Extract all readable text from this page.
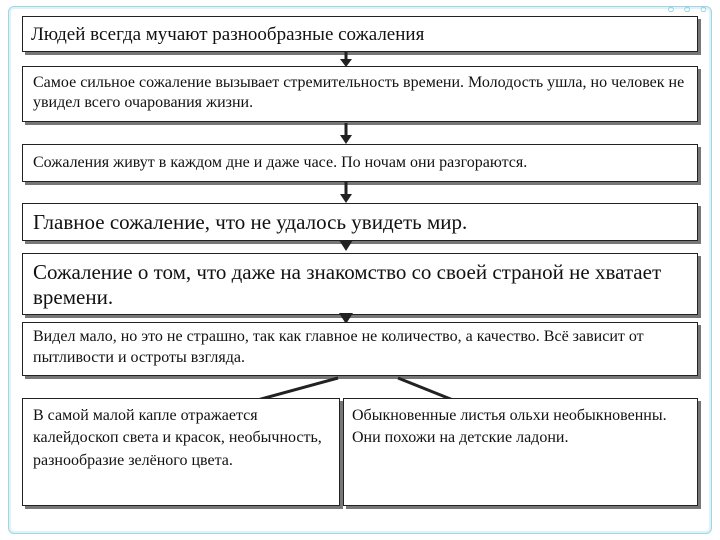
○ ○ ○
Людей всегда мучают разнообразные сожаления
Самое сильное сожаление вызывает стремительность времени. Молодость ушла, но человек не увидел всего очарования жизни.
Сожаления живут в каждом дне и даже часе. По ночам они разгораются.
Главное сожаление, что не удалось увидеть мир.
Сожаление о том, что даже на знакомство со своей страной не хватает времени.
Видел мало, но это не страшно, так как главное не количество, а качество. Всё зависит от пытливости и остроты взгляда.
В самой малой капле отражается калейдоскоп света и красок, необычность, разнообразие зелёного цвета.
Обыкновенные листья ольхи необыкновенны. Они похожи на детские ладони.
